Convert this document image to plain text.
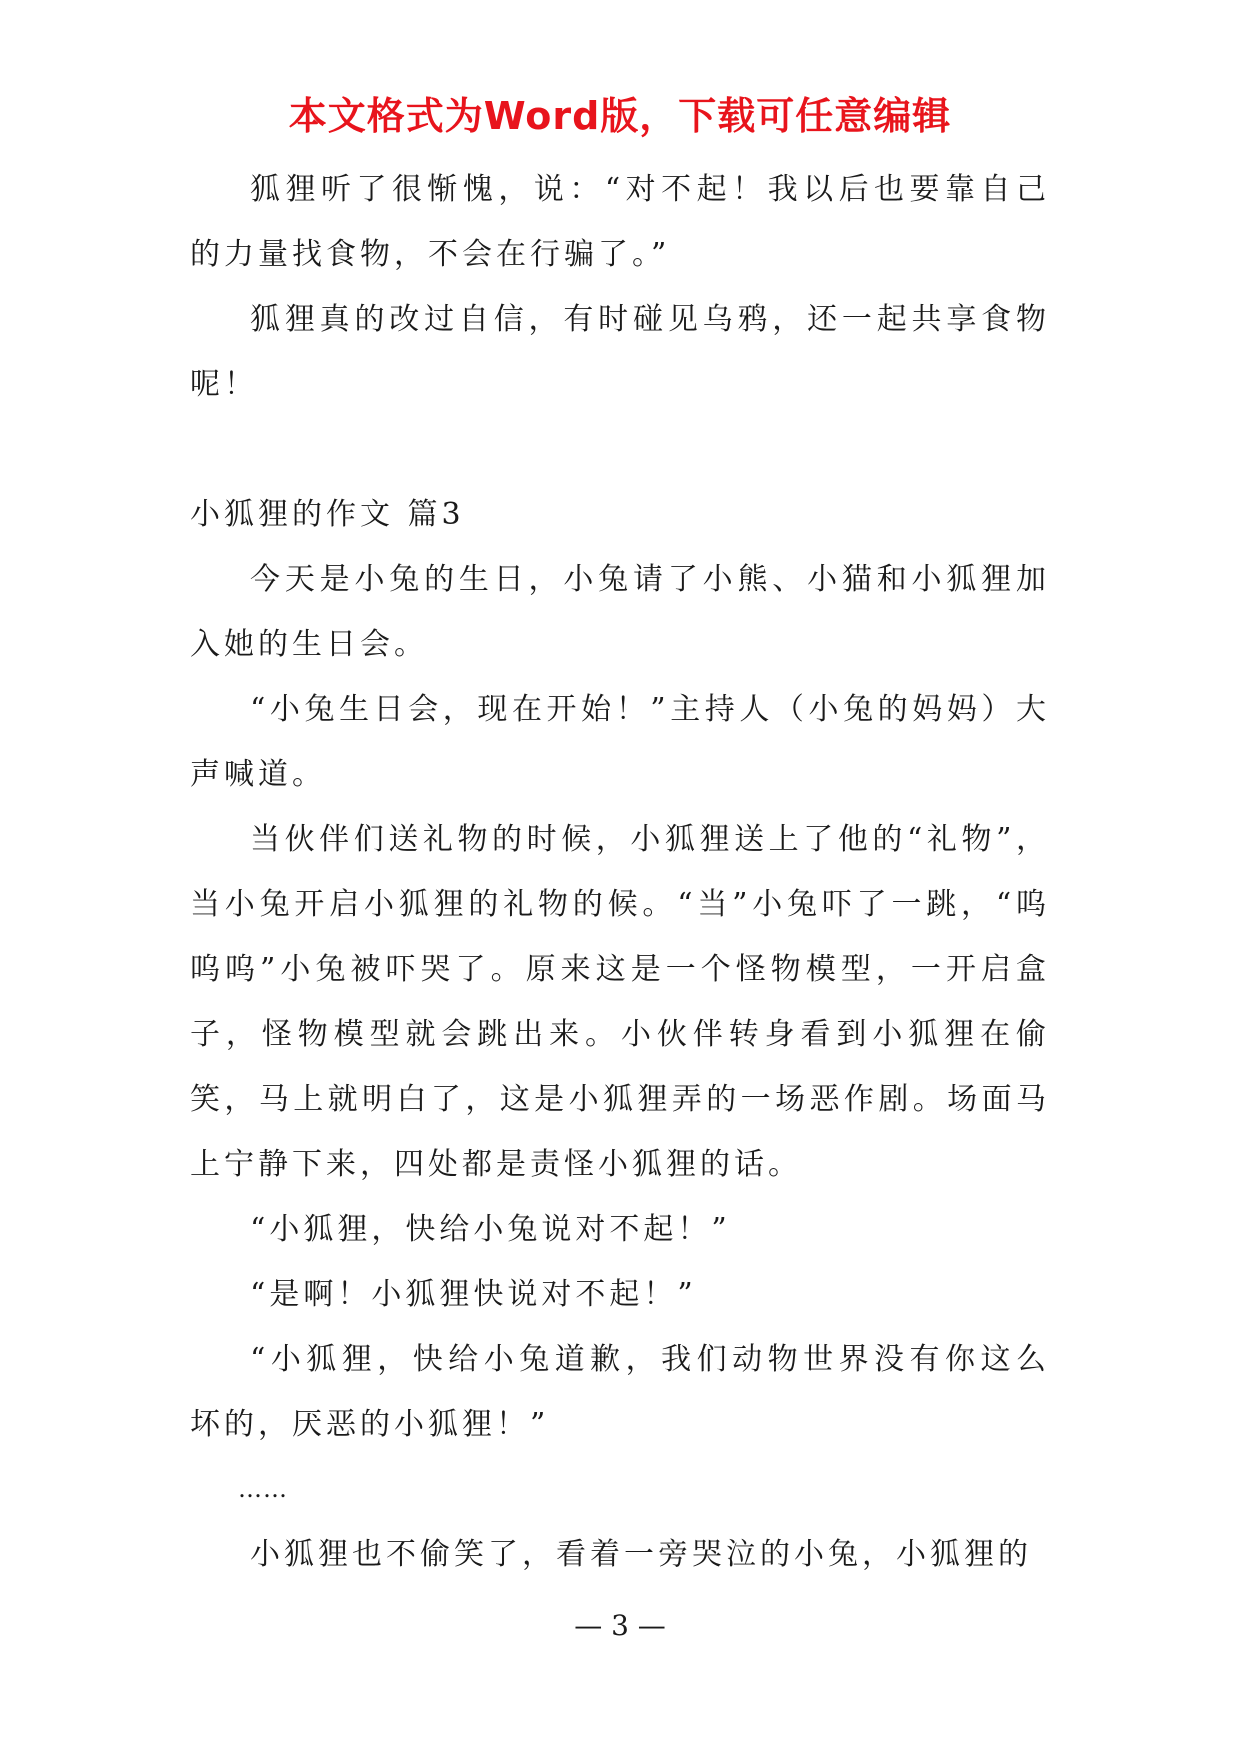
本文格式为Word版，下载可任意编辑

狐狸听了很惭愧，说：“对不起！我以后也要靠自己的力量找食物，不会在行骗了。”

狐狸真的改过自信，有时碰见乌鸦，还一起共享食物呢！

小狐狸的作文 篇3

今天是小兔的生日，小兔请了小熊、小猫和小狐狸加入她的生日会。

“小兔生日会，现在开始！”主持人（小兔的妈妈）大声喊道。

当伙伴们送礼物的时候，小狐狸送上了他的“礼物”，当小兔开启小狐狸的礼物的候。“当”小兔吓了一跳，“呜呜呜”小兔被吓哭了。原来这是一个怪物模型，一开启盒子，怪物模型就会跳出来。小伙伴转身看到小狐狸在偷笑，马上就明白了，这是小狐狸弄的一场恶作剧。场面马上宁静下来，四处都是责怪小狐狸的话。

“小狐狸，快给小兔说对不起！”

“是啊！小狐狸快说对不起！”

“小狐狸，快给小兔道歉，我们动物世界没有你这么坏的，厌恶的小狐狸！”

……

小狐狸也不偷笑了，看着一旁哭泣的小兔，小狐狸的

— 3 —
